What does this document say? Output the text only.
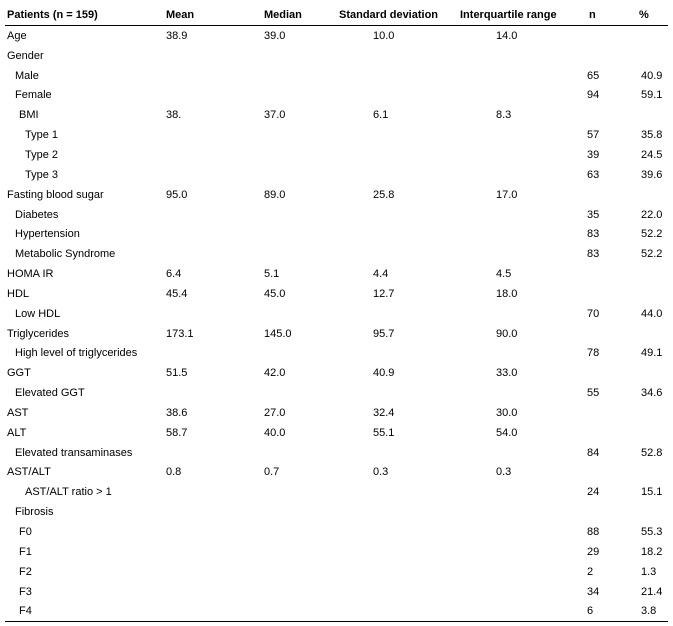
Patients (n = 159)	Mean	Median	Standard deviation	Interquartile range	n	%
Age	38.9	39.0	10.0	14.0		
Gender						
Male					65	40.9
Female					94	59.1
BMI	38.	37.0	6.1	8.3		
Type 1					57	35.8
Type 2					39	24.5
Type 3					63	39.6
Fasting blood sugar	95.0	89.0	25.8	17.0		
Diabetes					35	22.0
Hypertension					83	52.2
Metabolic Syndrome					83	52.2
HOMA IR	6.4	5.1	4.4	4.5		
HDL	45.4	45.0	12.7	18.0		
Low HDL					70	44.0
Triglycerides	173.1	145.0	95.7	90.0		
High level of triglycerides					78	49.1
GGT	51.5	42.0	40.9	33.0		
Elevated GGT					55	34.6
AST	38.6	27.0	32.4	30.0		
ALT	58.7	40.0	55.1	54.0		
Elevated transaminases					84	52.8
AST/ALT	0.8	0.7	0.3	0.3		
AST/ALT ratio > 1					24	15.1
Fibrosis						
F0					88	55.3
F1					29	18.2
F2					2	1.3
F3					34	21.4
F4					6	3.8
